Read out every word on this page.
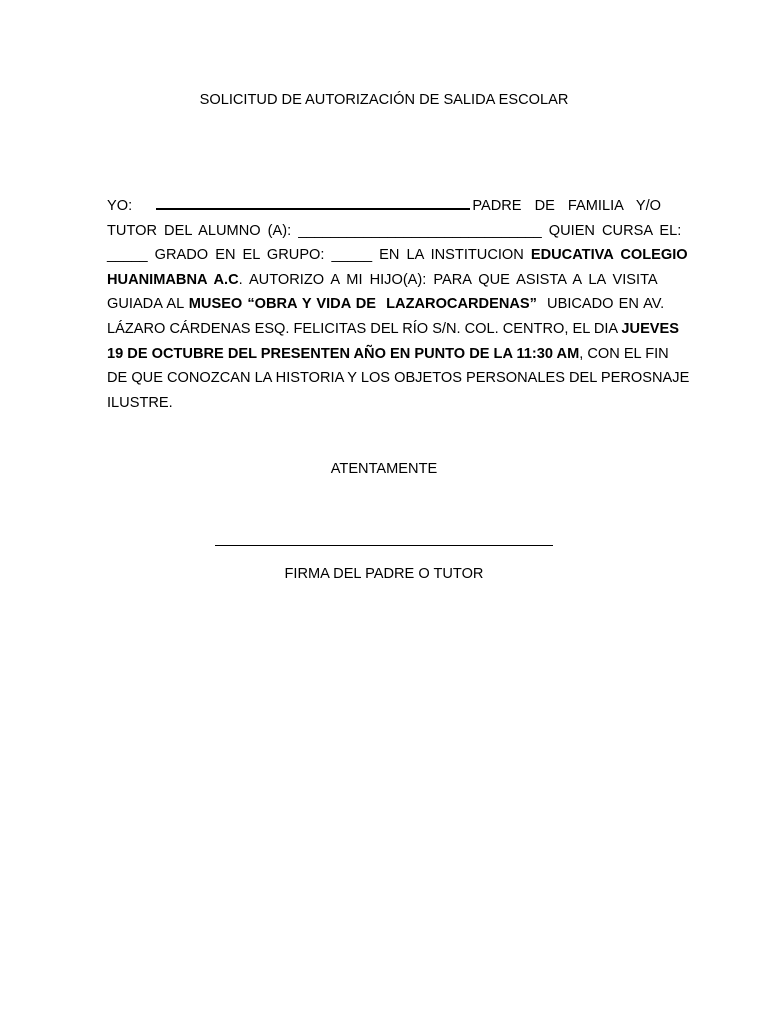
SOLICITUD DE AUTORIZACIÓN DE SALIDA ESCOLAR
YO:	PADRE DE FAMILIA Y/O
TUTOR DEL ALUMNO (A): ______________________________ QUIEN CURSA EL:
_____ GRADO EN EL GRUPO: _____ EN LA INSTITUCION EDUCATIVA COLEGIO
HUANIMABNA A.C. AUTORIZO A MI HIJO(A): PARA QUE ASISTA A LA VISITA
GUIADA AL MUSEO “OBRA Y VIDA DE  LAZAROCARDENAS”  UBICADO EN AV.
LÁZARO CÁRDENAS ESQ. FELICITAS DEL RÍO S/N. COL. CENTRO, EL DIA JUEVES
19 DE OCTUBRE DEL PRESENTEN AÑO EN PUNTO DE LA 11:30 AM, CON EL FIN
DE QUE CONOZCAN LA HISTORIA Y LOS OBJETOS PERSONALES DEL PEROSNAJE
ILUSTRE.
ATENTAMENTE
FIRMA DEL PADRE O TUTOR
